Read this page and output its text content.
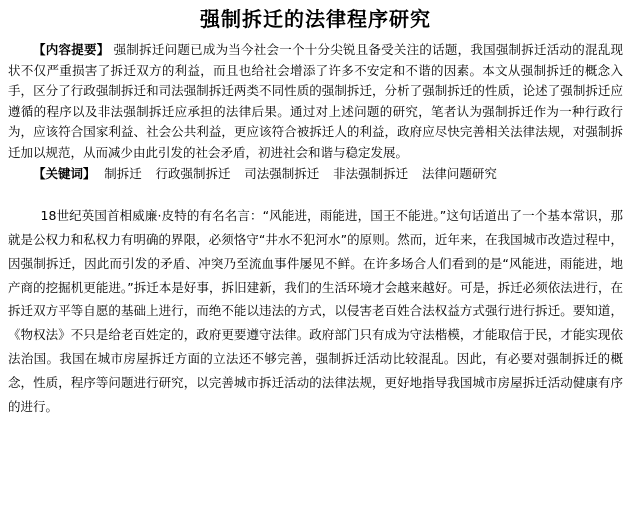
强制拆迁的法律程序研究

【内容提要】 强制拆迁问题已成为当今社会一个十分尖锐且备受关注的话题，我国强制拆迁活动的混乱现状不仅严重损害了拆迁双方的利益，而且也给社会增添了许多不安定和不谐的因素。本文从强制拆迁的概念入手，区分了行政强制拆迁和司法强制拆迁两类不同性质的强制拆迁，分析了强制拆迁的性质，论述了强制拆迁应遵循的程序以及非法强制拆迁应承担的法律后果。通过对上述问题的研究，笔者认为强制拆迁作为一种行政行为，应该符合国家利益、社会公共利益，更应该符合被拆迁人的利益，政府应尽快完善相关法律法规，对强制拆迁加以规范，从而减少由此引发的社会矛盾，初进社会和谐与稳定发展。

【关键词】 制拆迁 行政强制拆迁 司法强制拆迁 非法强制拆迁 法律问题研究

18世纪英国首相威廉·皮特的有名名言：“风能进，雨能进，国王不能进。”这句话道出了一个基本常识，那就是公权力和私权力有明确的界限，必须恪守“井水不犯河水”的原则。然而，近年来，在我国城市改造过程中，因强制拆迁，因此而引发的矛盾、冲突乃至流血事件屡见不鲜。在许多场合人们看到的是“风能进，雨能进，地产商的挖掘机更能进。”拆迁本是好事，拆旧建新，我们的生活环境才会越来越好。可是，拆迁必须依法进行，在拆迁双方平等自愿的基础上进行，而绝不能以违法的方式，以侵害老百姓合法权益方式强行进行拆迁。要知道，《物权法》不只是给老百姓定的，政府更要遵守法律。政府部门只有成为守法楷模，才能取信于民，才能实现依法治国。我国在城市房屋拆迁方面的立法还不够完善，强制拆迁活动比较混乱。因此，有必要对强制拆迁的概念，性质，程序等问题进行研究，以完善城市拆迁活动的法律法规，更好地指导我国城市房屋拆迁活动健康有序的进行。
